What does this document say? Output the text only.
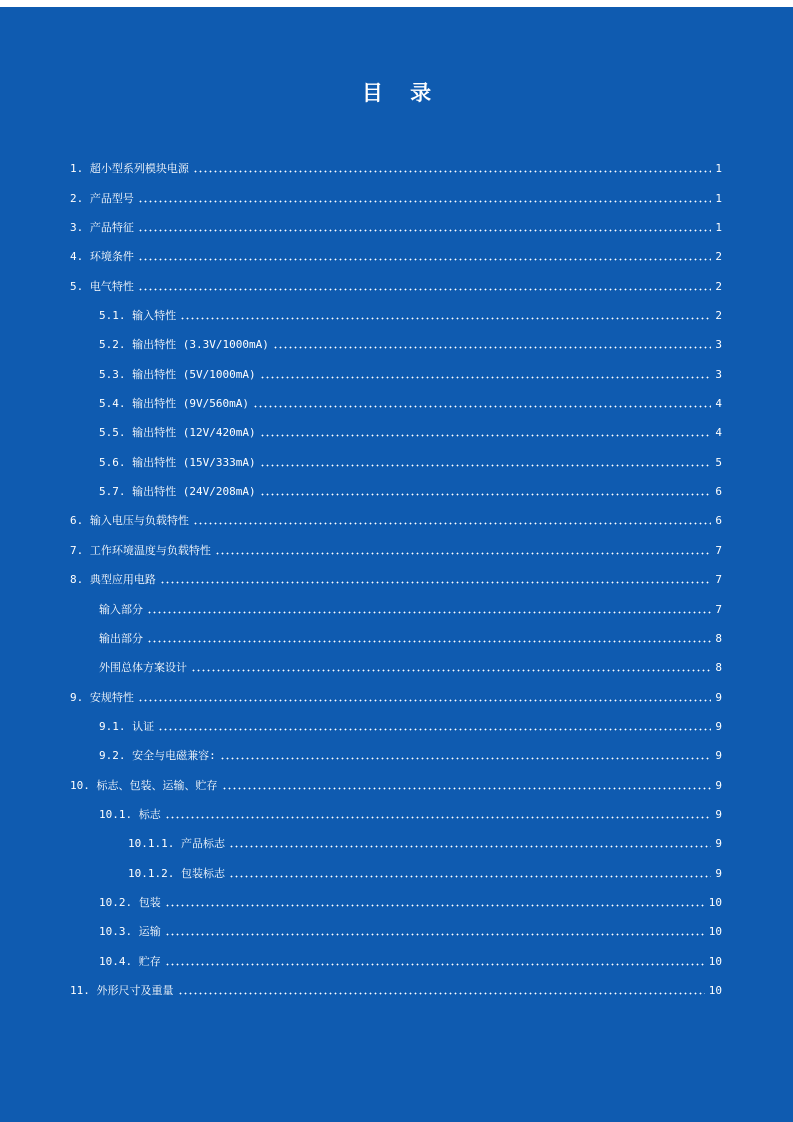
目 录
1. 超小型系列模块电源	1
2. 产品型号	1
3. 产品特征	1
4. 环境条件	2
5. 电气特性	2
5.1. 输入特性	2
5.2. 输出特性 (3.3V/1000mA)	3
5.3. 输出特性 (5V/1000mA)	3
5.4. 输出特性 (9V/560mA)	4
5.5. 输出特性 (12V/420mA)	4
5.6. 输出特性 (15V/333mA)	5
5.7. 输出特性 (24V/208mA)	6
6. 输入电压与负载特性	6
7. 工作环境温度与负载特性	7
8. 典型应用电路	7
输入部分	7
输出部分	8
外围总体方案设计	8
9. 安规特性	9
9.1. 认证	9
9.2. 安全与电磁兼容:	9
10. 标志、包装、运输、贮存	9
10.1. 标志	9
10.1.1. 产品标志	9
10.1.2. 包装标志	9
10.2. 包装	10
10.3. 运输	10
10.4. 贮存	10
11. 外形尺寸及重量	10
